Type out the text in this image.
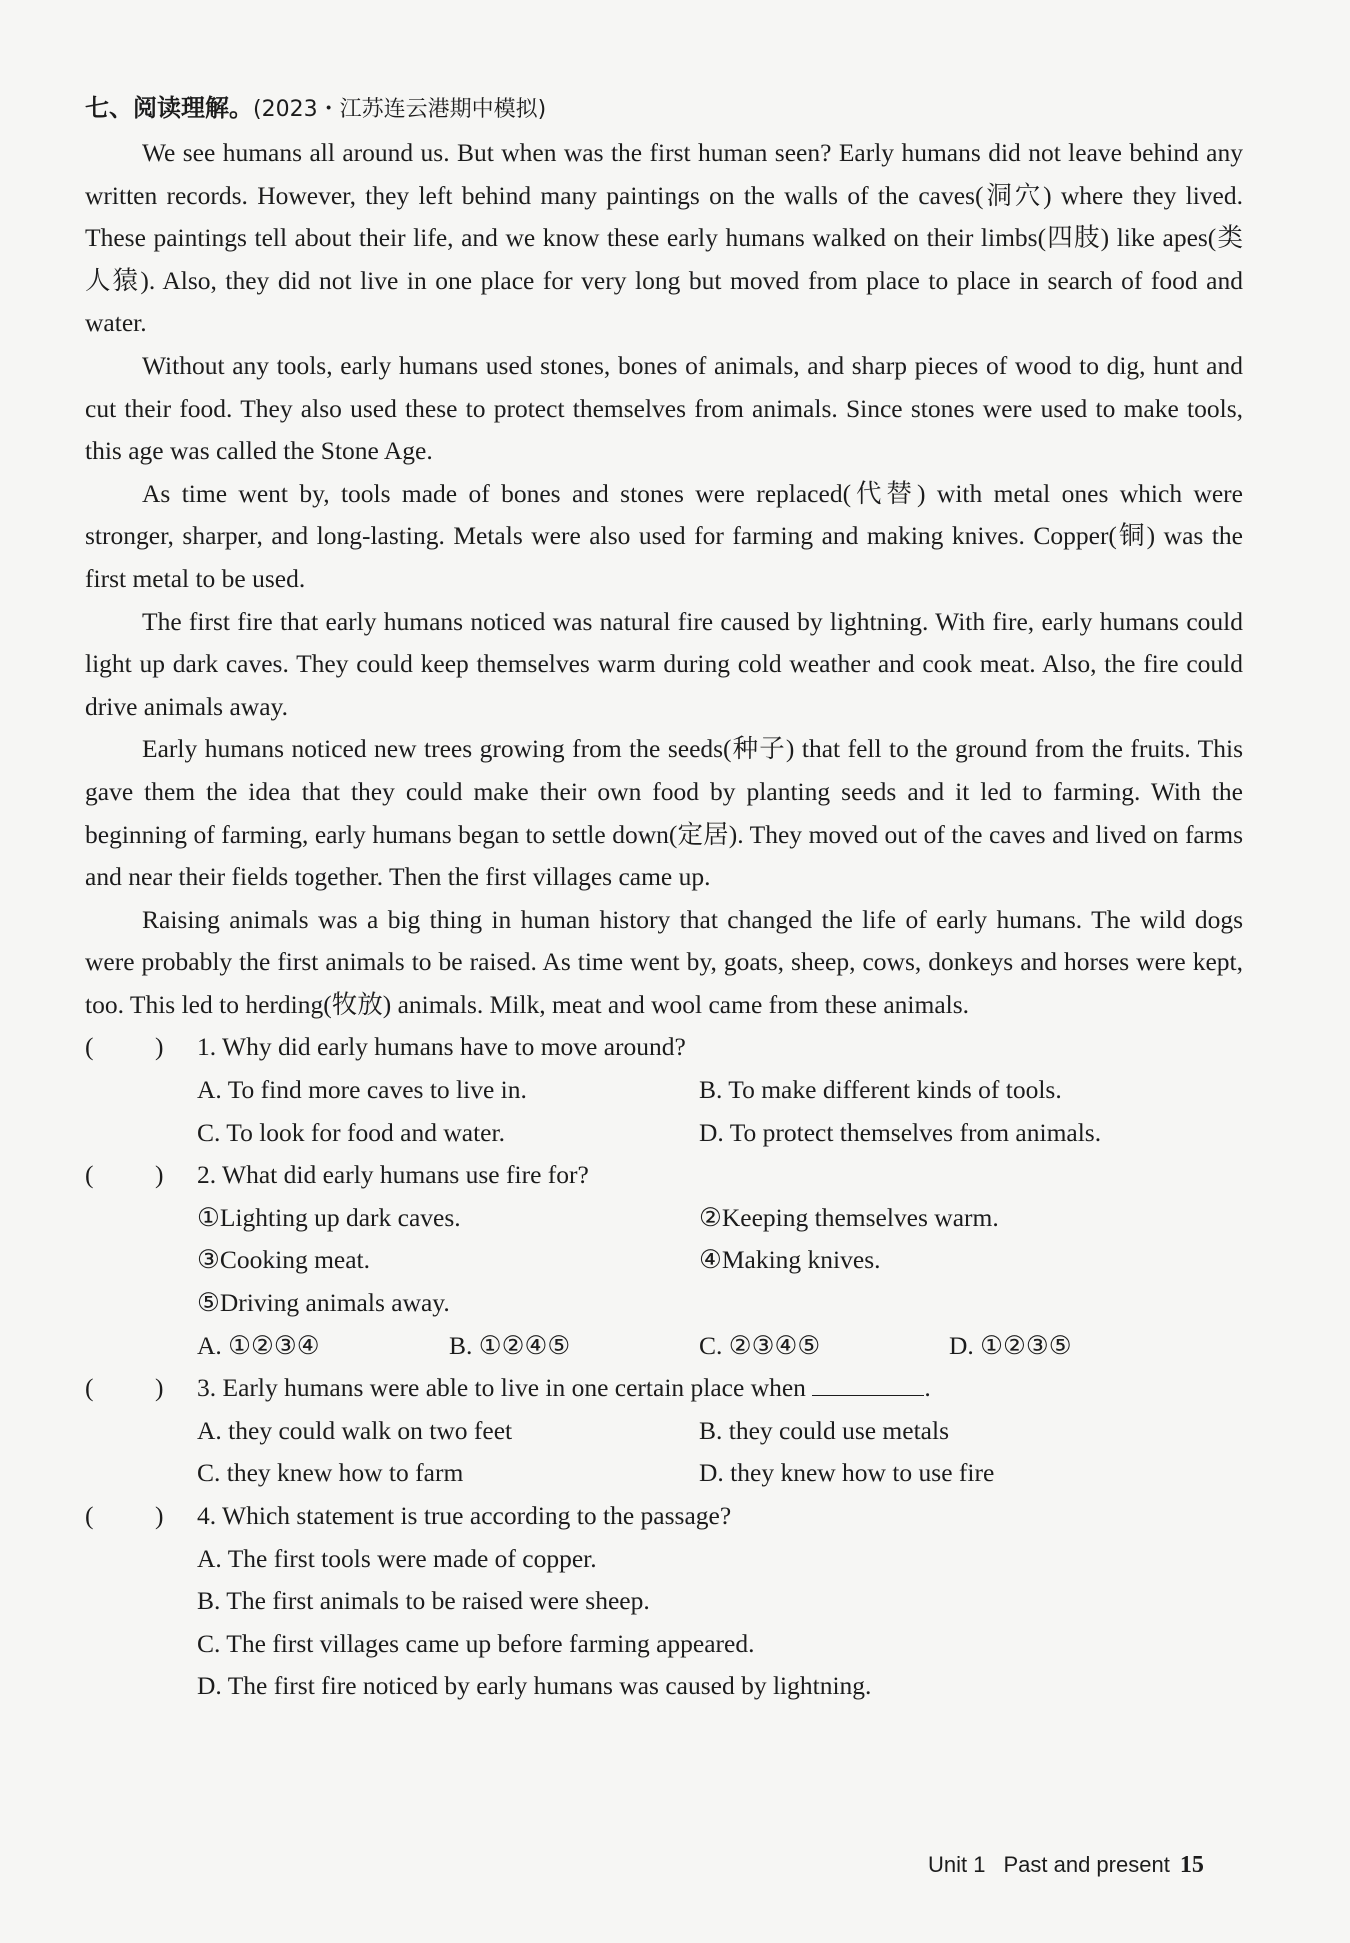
七、阅读理解。(2023・江苏连云港期中模拟)

We see humans all around us. But when was the first human seen? Early humans did not leave behind any written records. However, they left behind many paintings on the walls of the caves(洞穴) where they lived. These paintings tell about their life, and we know these early humans walked on their limbs(四肢) like apes(类人猿). Also, they did not live in one place for very long but moved from place to place in search of food and water.

Without any tools, early humans used stones, bones of animals, and sharp pieces of wood to dig, hunt and cut their food. They also used these to protect themselves from animals. Since stones were used to make tools, this age was called the Stone Age.

As time went by, tools made of bones and stones were replaced(代替) with metal ones which were stronger, sharper, and long-lasting. Metals were also used for farming and making knives. Copper(铜) was the first metal to be used.

The first fire that early humans noticed was natural fire caused by lightning. With fire, early humans could light up dark caves. They could keep themselves warm during cold weather and cook meat. Also, the fire could drive animals away.

Early humans noticed new trees growing from the seeds(种子) that fell to the ground from the fruits. This gave them the idea that they could make their own food by planting seeds and it led to farming. With the beginning of farming, early humans began to settle down(定居). They moved out of the caves and lived on farms and near their fields together. Then the first villages came up.

Raising animals was a big thing in human history that changed the life of early humans. The wild dogs were probably the first animals to be raised. As time went by, goats, sheep, cows, donkeys and horses were kept, too. This led to herding(牧放) animals. Milk, meat and wool came from these animals.

( ) 1. Why did early humans have to move around?
A. To find more caves to live in.	B. To make different kinds of tools.
C. To look for food and water.	D. To protect themselves from animals.
( ) 2. What did early humans use fire for?
①Lighting up dark caves.	②Keeping themselves warm.
③Cooking meat.	④Making knives.
⑤Driving animals away.
A. ①②③④	B. ①②④⑤	C. ②③④⑤	D. ①②③⑤
( ) 3. Early humans were able to live in one certain place when	.
A. they could walk on two feet	B. they could use metals
C. they knew how to farm	D. they knew how to use fire
( ) 4. Which statement is true according to the passage?
A. The first tools were made of copper.
B. The first animals to be raised were sheep.
C. The first villages came up before farming appeared.
D. The first fire noticed by early humans was caused by lightning.
Unit 1 Past and present 15
